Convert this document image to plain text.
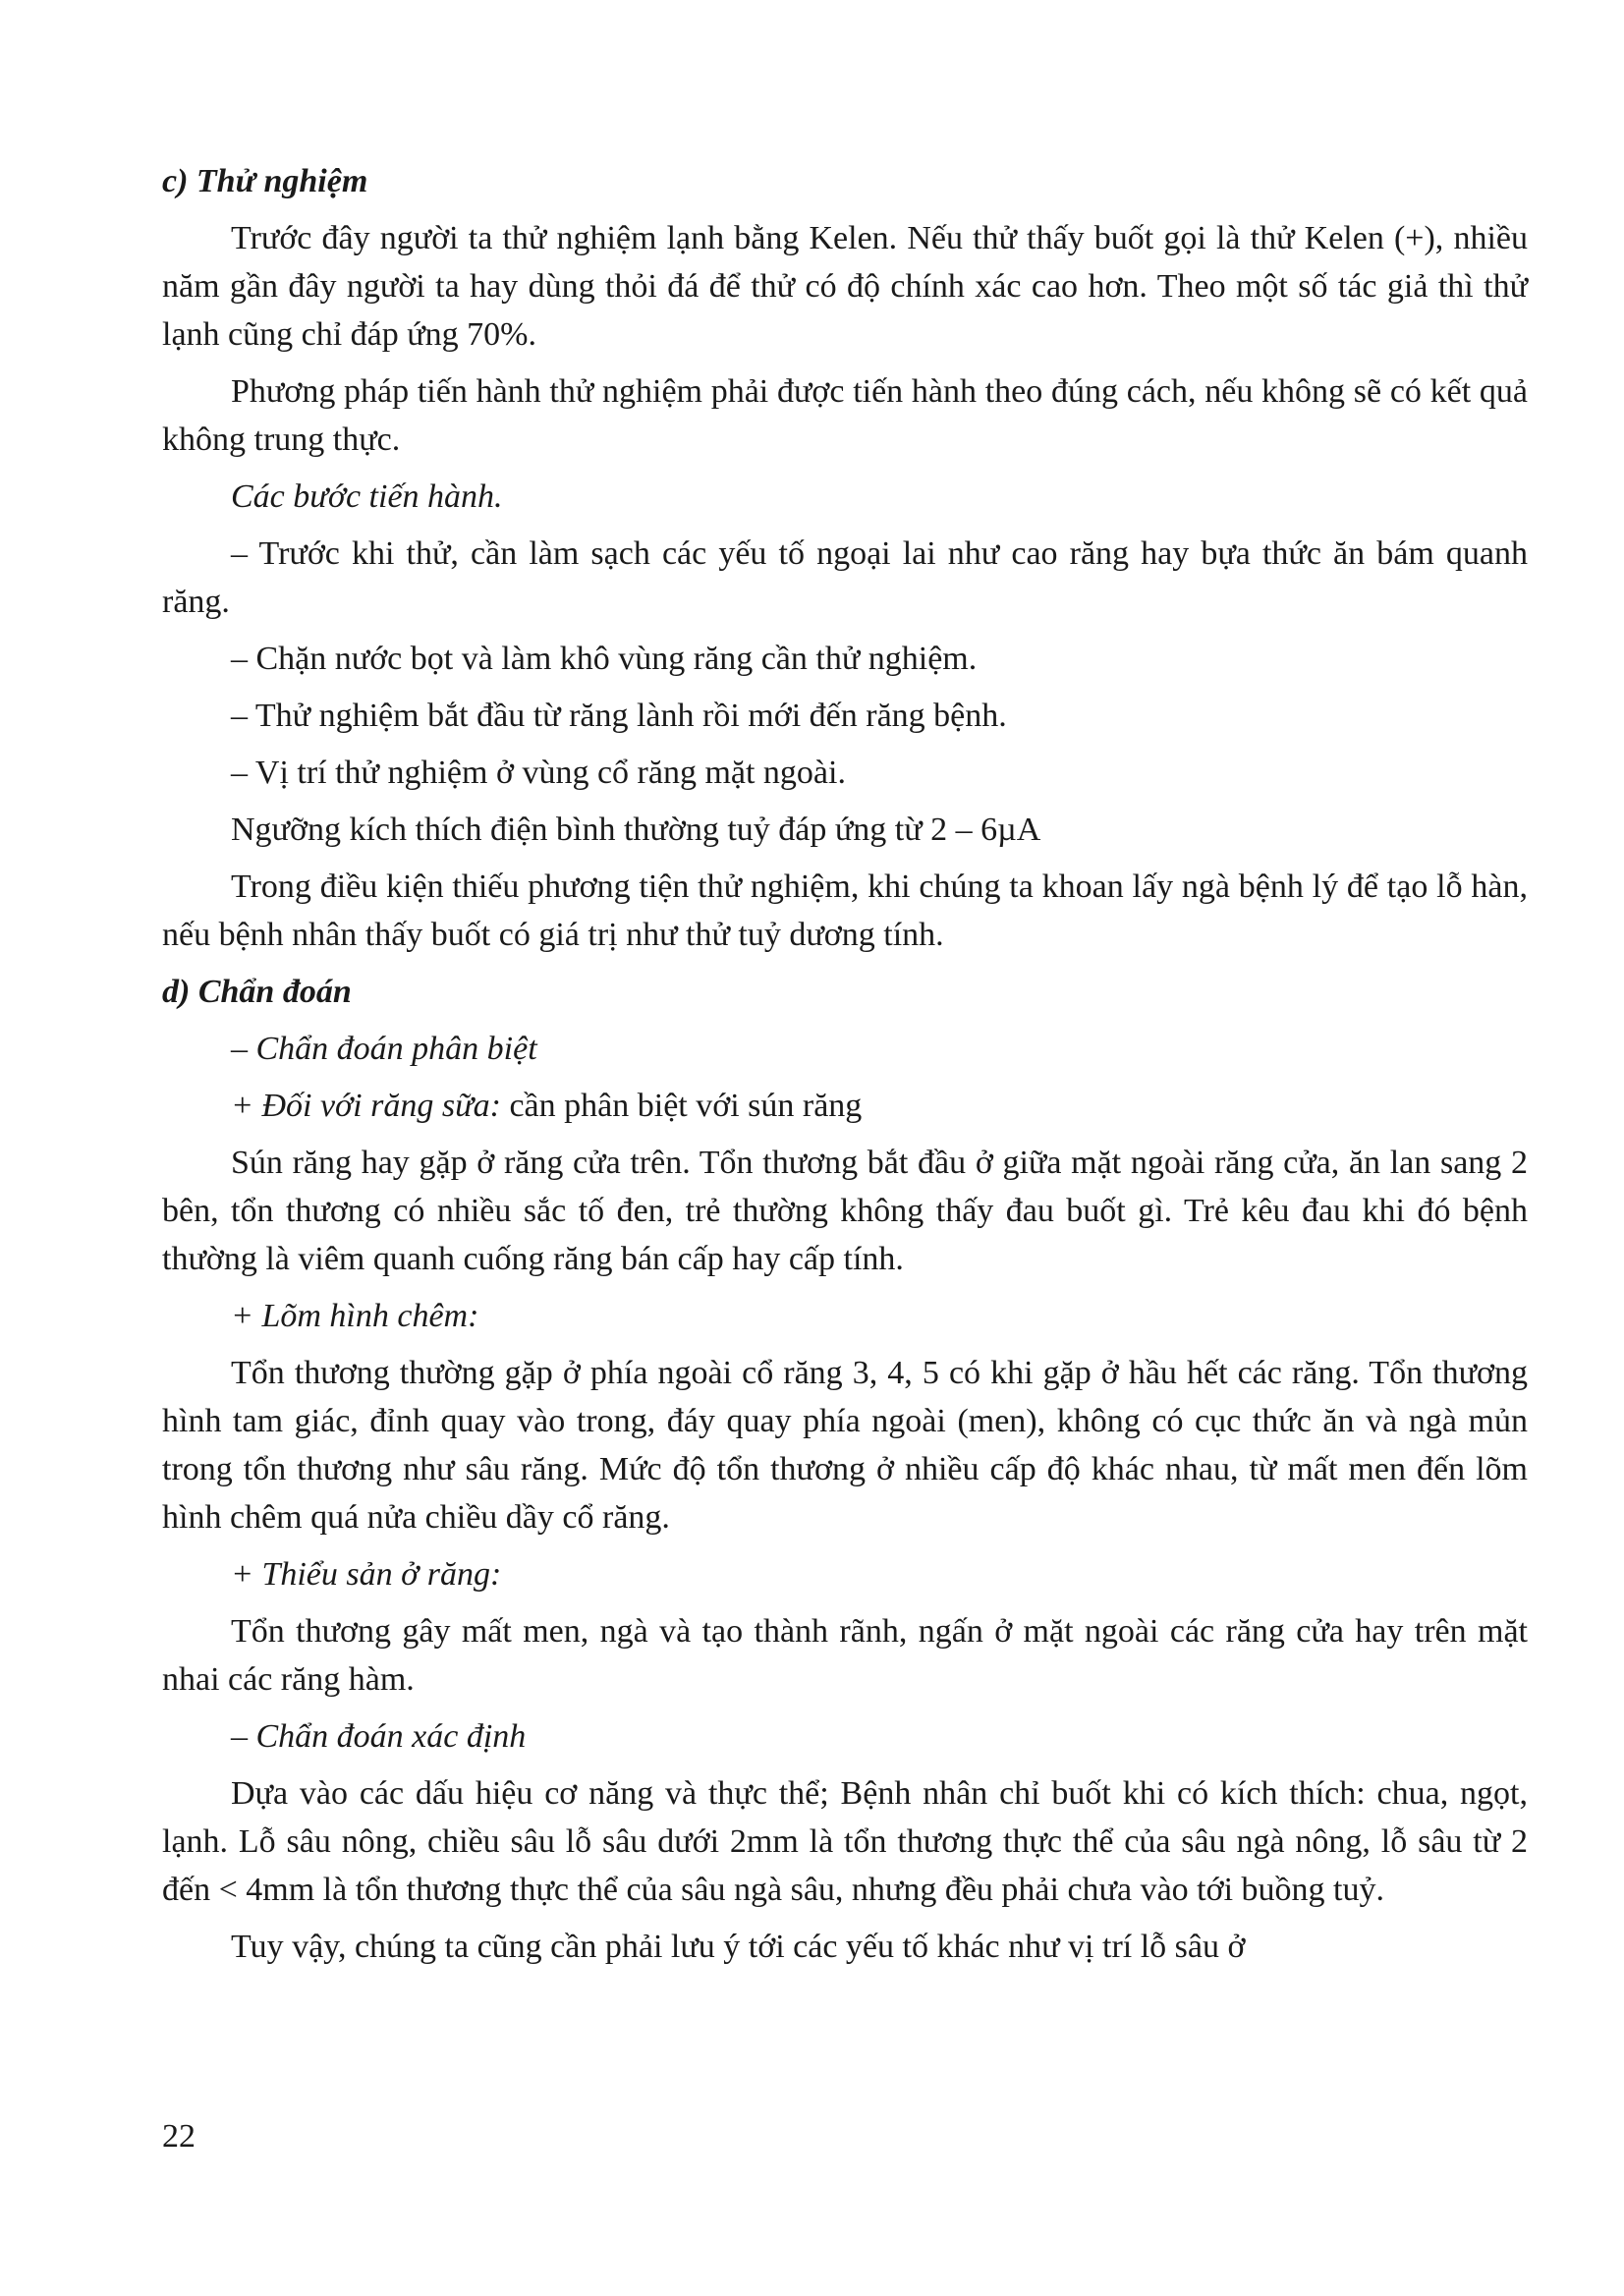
c) Thử nghiệm

Trước đây người ta thử nghiệm lạnh bằng Kelen. Nếu thử thấy buốt gọi là thử Kelen (+), nhiều năm gần đây người ta hay dùng thỏi đá để thử có độ chính xác cao hơn. Theo một số tác giả thì thử lạnh cũng chỉ đáp ứng 70%.

Phương pháp tiến hành thử nghiệm phải được tiến hành theo đúng cách, nếu không sẽ có kết quả không trung thực.

Các bước tiến hành.

– Trước khi thử, cần làm sạch các yếu tố ngoại lai như cao răng hay bựa thức ăn bám quanh răng.

– Chặn nước bọt và làm khô vùng răng cần thử nghiệm.

– Thử nghiệm bắt đầu từ răng lành rồi mới đến răng bệnh.

– Vị trí thử nghiệm ở vùng cổ răng mặt ngoài.

Ngưỡng kích thích điện bình thường tuỷ đáp ứng từ 2 – 6µA

Trong điều kiện thiếu phương tiện thử nghiệm, khi chúng ta khoan lấy ngà bệnh lý để tạo lỗ hàn, nếu bệnh nhân thấy buốt có giá trị như thử tuỷ dương tính.

d) Chẩn đoán

– Chẩn đoán phân biệt

+ Đối với răng sữa: cần phân biệt với sún răng

Sún răng hay gặp ở răng cửa trên. Tổn thương bắt đầu ở giữa mặt ngoài răng cửa, ăn lan sang 2 bên, tổn thương có nhiều sắc tố đen, trẻ thường không thấy đau buốt gì. Trẻ kêu đau khi đó bệnh thường là viêm quanh cuống răng bán cấp hay cấp tính.

+ Lõm hình chêm:

Tổn thương thường gặp ở phía ngoài cổ răng 3, 4, 5 có khi gặp ở hầu hết các răng. Tổn thương hình tam giác, đỉnh quay vào trong, đáy quay phía ngoài (men), không có cục thức ăn và ngà mủn trong tổn thương như sâu răng. Mức độ tổn thương ở nhiều cấp độ khác nhau, từ mất men đến lõm hình chêm quá nửa chiều dầy cổ răng.

+ Thiểu sản ở răng:

Tổn thương gây mất men, ngà và tạo thành rãnh, ngấn ở mặt ngoài các răng cửa hay trên mặt nhai các răng hàm.

– Chẩn đoán xác định

Dựa vào các dấu hiệu cơ năng và thực thể; Bệnh nhân chỉ buốt khi có kích thích: chua, ngọt, lạnh. Lỗ sâu nông, chiều sâu lỗ sâu dưới 2mm là tổn thương thực thể của sâu ngà nông, lỗ sâu từ 2 đến < 4mm là tổn thương thực thể của sâu ngà sâu, nhưng đều phải chưa vào tới buồng tuỷ.

Tuy vậy, chúng ta cũng cần phải lưu ý tới các yếu tố khác như vị trí lỗ sâu ở

22
